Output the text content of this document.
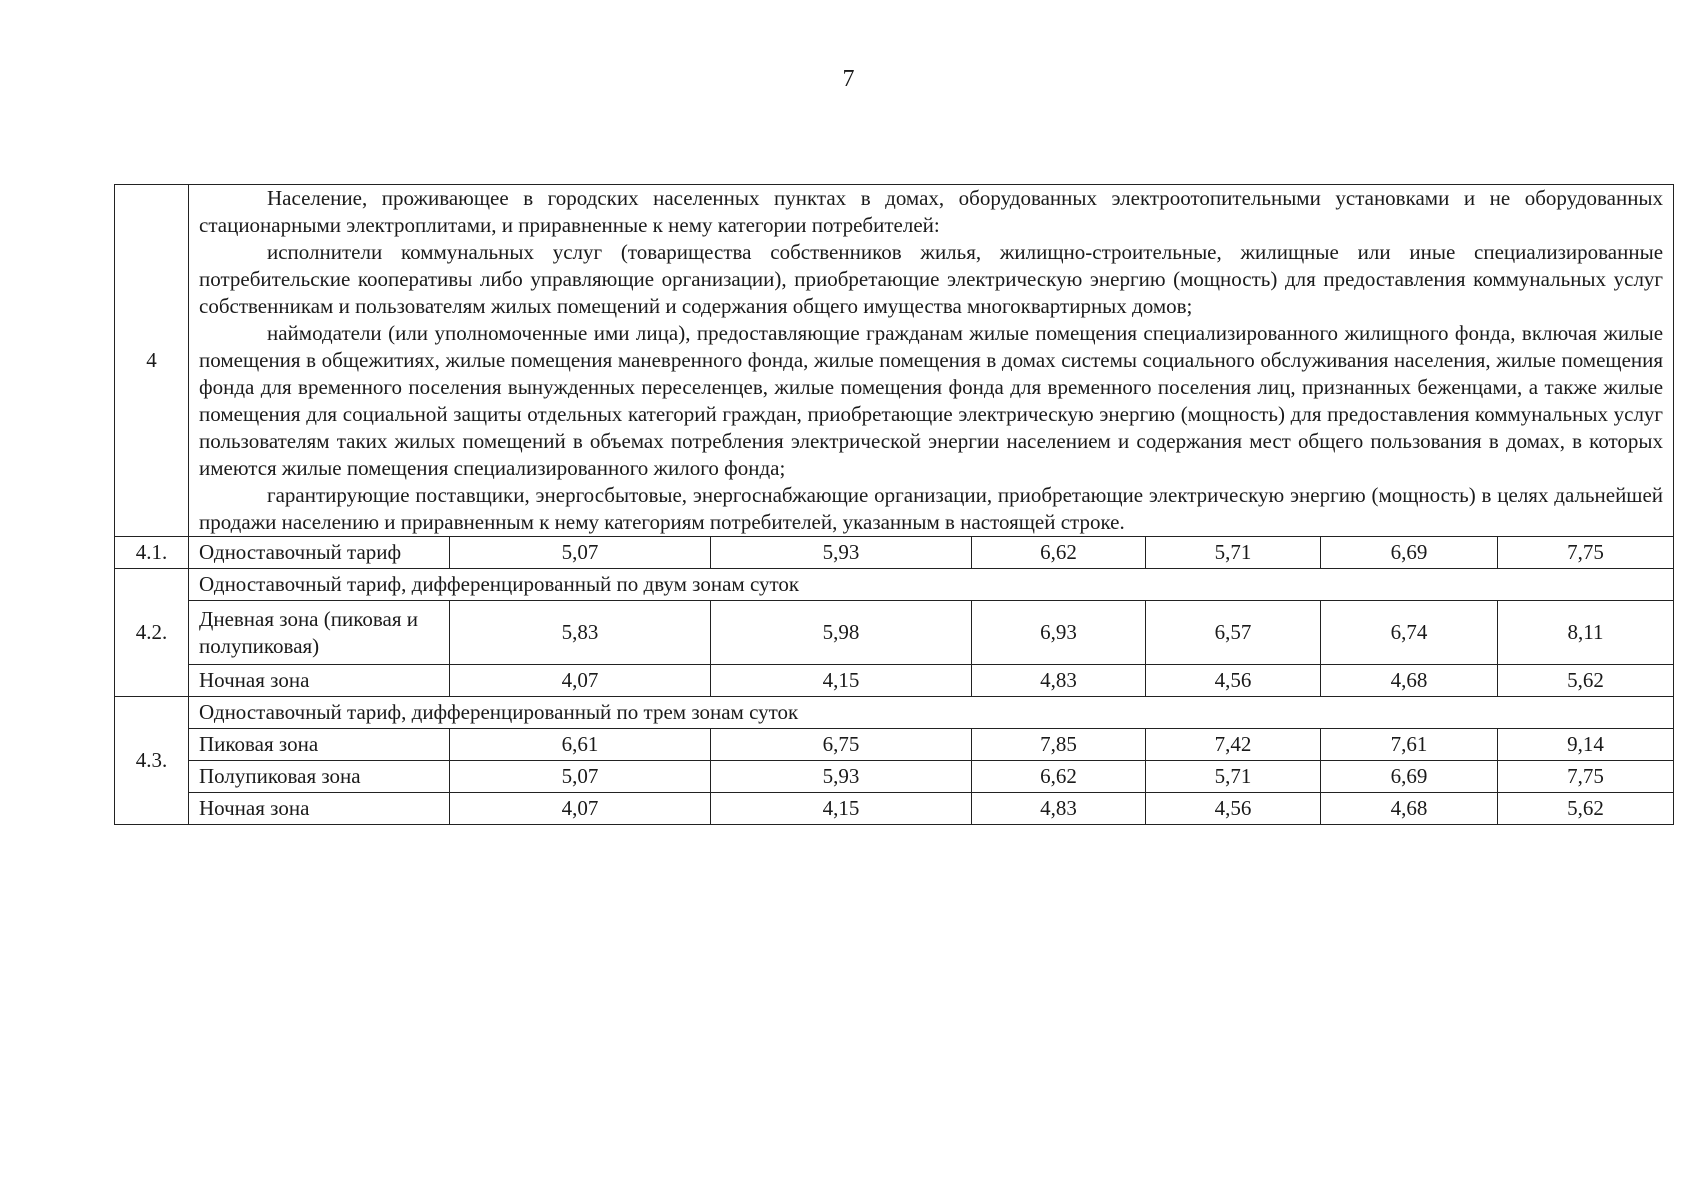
7
4	Население, проживающее в городских населенных пунктах в домах, оборудованных электроотопительными установками и не оборудованных стационарными электроплитами, и приравненные к нему категории потребителей:

исполнители коммунальных услуг (товарищества собственников жилья, жилищно-строительные, жилищные или иные специализированные потребительские кооперативы либо управляющие организации), приобретающие электрическую энергию (мощность) для предоставления коммунальных услуг собственникам и пользователям жилых помещений и содержания общего имущества многоквартирных домов;

наймодатели (или уполномоченные ими лица), предоставляющие гражданам жилые помещения специализированного жилищного фонда, включая жилые помещения в общежитиях, жилые помещения маневренного фонда, жилые помещения в домах системы социального обслуживания населения, жилые помещения фонда для временного поселения вынужденных переселенцев, жилые помещения фонда для временного поселения лиц, признанных беженцами, а также жилые помещения для социальной защиты отдельных категорий граждан, приобретающие электрическую энергию (мощность) для предоставления коммунальных услуг пользователям таких жилых помещений в объемах потребления электрической энергии населением и содержания мест общего пользования в домах, в которых имеются жилые помещения специализированного жилого фонда;

гарантирующие поставщики, энергосбытовые, энергоснабжающие организации, приобретающие электрическую энергию (мощность) в целях дальнейшей продажи населению и приравненным к нему категориям потребителей, указанным в настоящей строке.						

4.1.	Одноставочный тариф	5,07	5,93	6,62	5,71	6,69	7,75
4.2.	Одноставочный тариф, дифференцированный по двум зонам суток						
	Дневная зона (пиковая и полупиковая)	5,83	5,98	6,93	6,57	6,74	8,11
	Ночная зона	4,07	4,15	4,83	4,56	4,68	5,62
4.3.	Одноставочный тариф, дифференцированный по трем зонам суток						
	Пиковая зона	6,61	6,75	7,85	7,42	7,61	9,14
	Полупиковая зона	5,07	5,93	6,62	5,71	6,69	7,75
	Ночная зона	4,07	4,15	4,83	4,56	4,68	5,62
